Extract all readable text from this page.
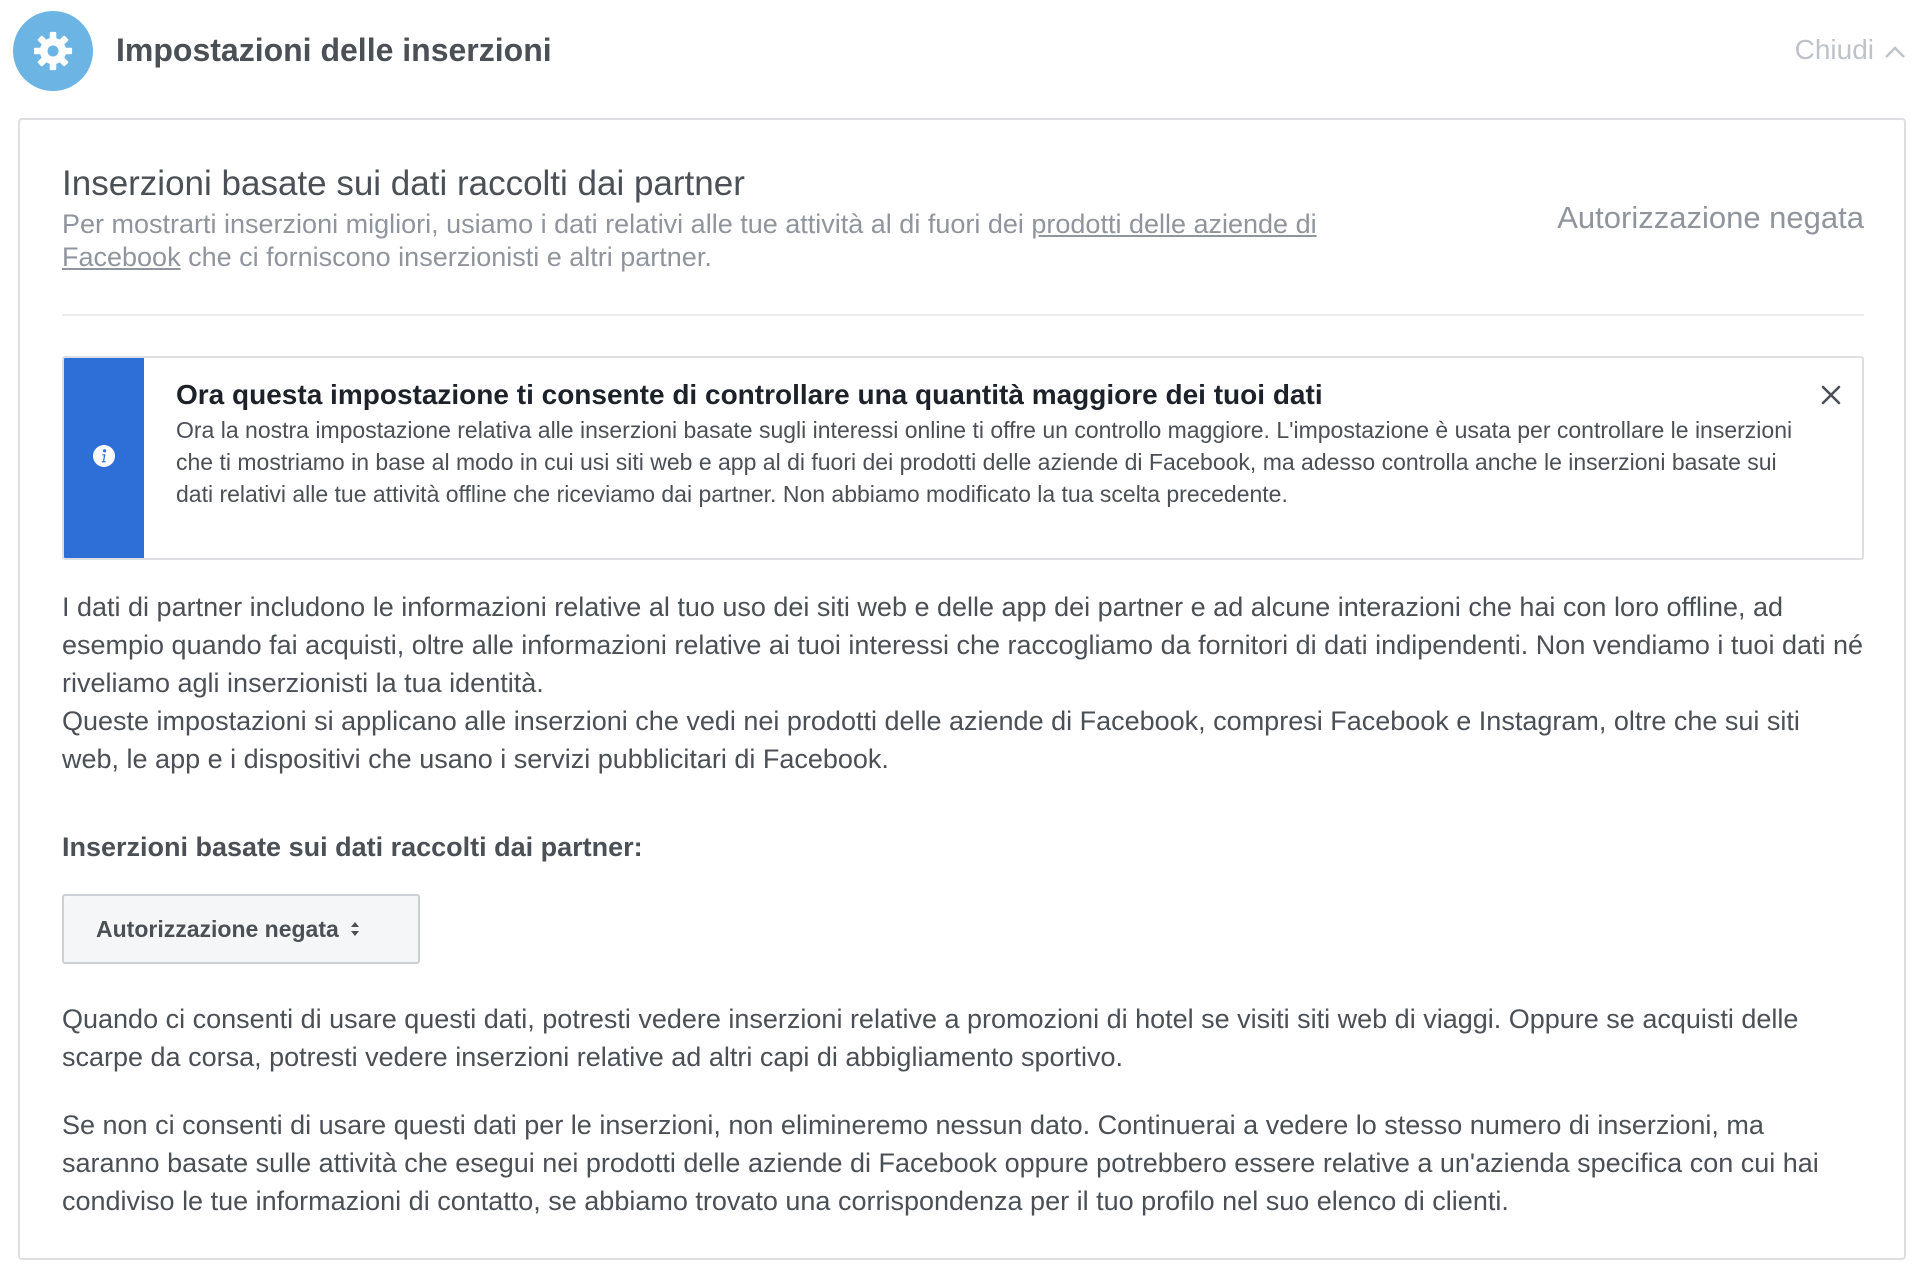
Impostazioni delle inserzioni	Chiudi
Inserzioni basate sui dati raccolti dai partner
Per mostrarti inserzioni migliori, usiamo i dati relativi alle tue attività al di fuori dei prodotti delle aziende di Facebook che ci forniscono inserzionisti e altri partner.
Autorizzazione negata
Ora questa impostazione ti consente di controllare una quantità maggiore dei tuoi dati
Ora la nostra impostazione relativa alle inserzioni basate sugli interessi online ti offre un controllo maggiore. L'impostazione è usata per controllare le inserzioni che ti mostriamo in base al modo in cui usi siti web e app al di fuori dei prodotti delle aziende di Facebook, ma adesso controlla anche le inserzioni basate sui dati relativi alle tue attività offline che riceviamo dai partner. Non abbiamo modificato la tua scelta precedente.
I dati di partner includono le informazioni relative al tuo uso dei siti web e delle app dei partner e ad alcune interazioni che hai con loro offline, ad esempio quando fai acquisti, oltre alle informazioni relative ai tuoi interessi che raccogliamo da fornitori di dati indipendenti. Non vendiamo i tuoi dati né riveliamo agli inserzionisti la tua identità.
Queste impostazioni si applicano alle inserzioni che vedi nei prodotti delle aziende di Facebook, compresi Facebook e Instagram, oltre che sui siti web, le app e i dispositivi che usano i servizi pubblicitari di Facebook.
Inserzioni basate sui dati raccolti dai partner:
Autorizzazione negata
Quando ci consenti di usare questi dati, potresti vedere inserzioni relative a promozioni di hotel se visiti siti web di viaggi. Oppure se acquisti delle scarpe da corsa, potresti vedere inserzioni relative ad altri capi di abbigliamento sportivo.
Se non ci consenti di usare questi dati per le inserzioni, non elimineremo nessun dato. Continuerai a vedere lo stesso numero di inserzioni, ma saranno basate sulle attività che esegui nei prodotti delle aziende di Facebook oppure potrebbero essere relative a un'azienda specifica con cui hai condiviso le tue informazioni di contatto, se abbiamo trovato una corrispondenza per il tuo profilo nel suo elenco di clienti.
